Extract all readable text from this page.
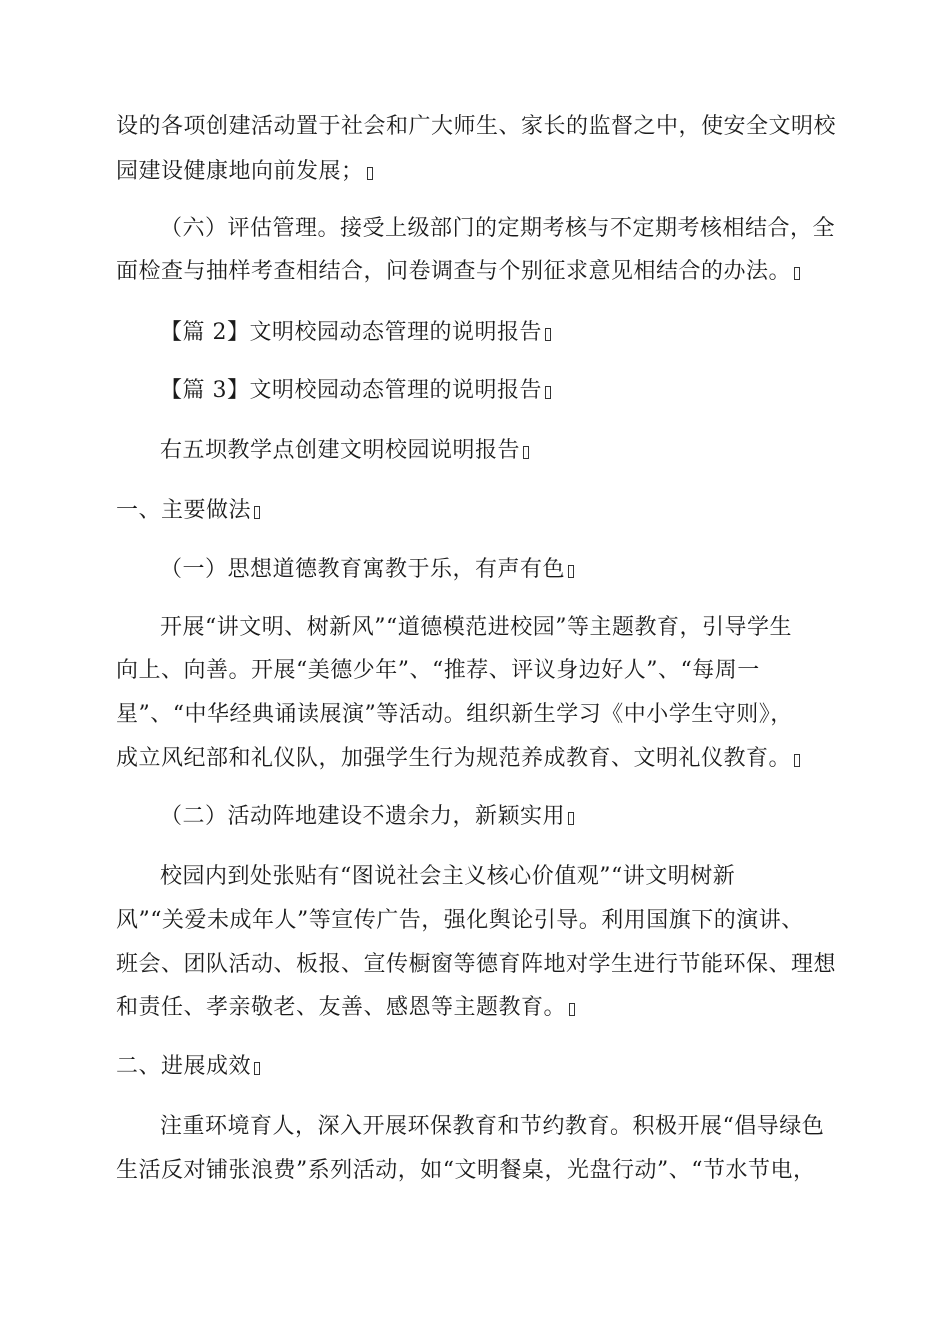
设的各项创建活动置于社会和广大师生、家长的监督之中，使安全文明校
园建设健康地向前发展；
（六）评估管理。接受上级部门的定期考核与不定期考核相结合，全
面检查与抽样考查相结合，问卷调查与个别征求意见相结合的办法。
【篇 2】文明校园动态管理的说明报告
【篇 3】文明校园动态管理的说明报告
右五坝教学点创建文明校园说明报告
一、主要做法
（一）思想道德教育寓教于乐，有声有色
开展“讲文明、树新风”“道德模范进校园”等主题教育，引导学生
向上、向善。开展“美德少年”、“推荐、评议身边好人”、“每周一
星”、“中华经典诵读展演”等活动。组织新生学习《中小学生守则》，
成立风纪部和礼仪队，加强学生行为规范养成教育、文明礼仪教育。
（二）活动阵地建设不遗余力，新颖实用
校园内到处张贴有“图说社会主义核心价值观”“讲文明树新
风”“关爱未成年人”等宣传广告，强化舆论引导。利用国旗下的演讲、
班会、团队活动、板报、宣传橱窗等德育阵地对学生进行节能环保、理想
和责任、孝亲敬老、友善、感恩等主题教育。
二、进展成效
注重环境育人，深入开展环保教育和节约教育。积极开展“倡导绿色
生活反对铺张浪费”系列活动，如“文明餐桌，光盘行动”、“节水节电，
